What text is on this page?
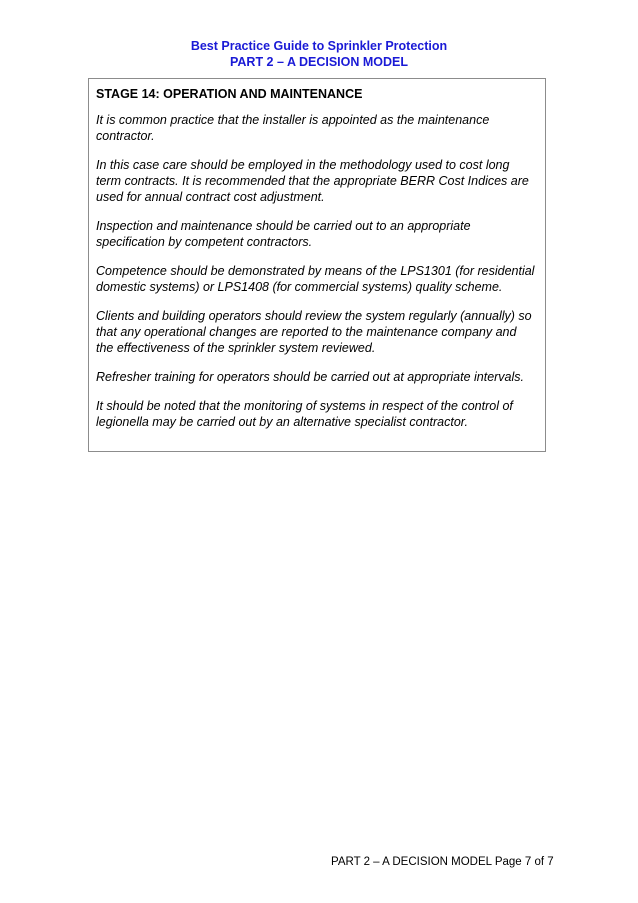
Best Practice Guide to Sprinkler Protection
PART 2 – A DECISION MODEL
STAGE 14: OPERATION AND MAINTENANCE

It is common practice that the installer is appointed as the maintenance contractor.

In this case care should be employed in the methodology used to cost long term contracts. It is recommended that the appropriate BERR Cost Indices are used for annual contract cost adjustment.

Inspection and maintenance should be carried out to an appropriate specification by competent contractors.

Competence should be demonstrated by means of the LPS1301 (for residential domestic systems) or LPS1408 (for commercial systems) quality scheme.

Clients and building operators should review the system regularly (annually) so that any operational changes are reported to the maintenance company and the effectiveness of the sprinkler system reviewed.

Refresher training for operators should be carried out at appropriate intervals.

It should be noted that the monitoring of systems in respect of the control of legionella may be carried out by an alternative specialist contractor.

PART 2 – A DECISION MODEL Page 7 of 7
